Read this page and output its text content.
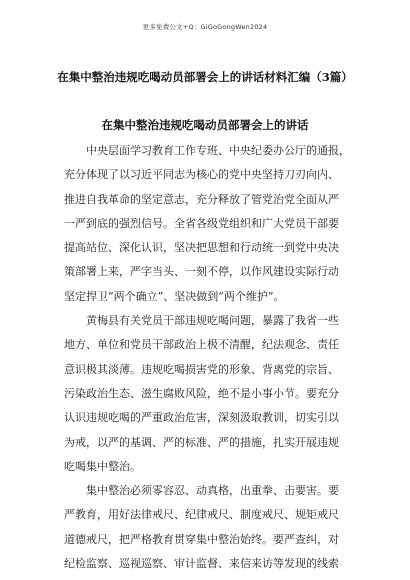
更多免费公文+Q：GiGoGongWen2024
在集中整治违规吃喝动员部署会上的讲话材料汇编（3篇）
在集中整治违规吃喝动员部署会上的讲话
中央层面学习教育工作专班、中央纪委办公厅的通报，
充分体现了以习近平同志为核心的党中央坚持刀刃向内、
推进自我革命的坚定意志，充分释放了管党治党全面从严
一严到底的强烈信号。全省各级党组织和广大党员干部要
提高站位、深化认识，坚决把思想和行动统一到党中央决
策部署上来，严字当头、一刻不停，以作风建设实际行动
坚定捍卫“两个确立”、坚决做到“两个维护”。
黄梅县有关党员干部违规吃喝问题，暴露了我省一些
地方、单位和党员干部政治上极不清醒，纪法观念、责任
意识极其淡薄。违规吃喝损害党的形象、背离党的宗旨、
污染政治生态、滋生腐败风险，绝不是小事小节。要充分
认识违规吃喝的严重政治危害，深刻汲取教训，切实引以
为戒，以严的基调、严的标准、严的措施，扎实开展违规
吃喝集中整治。
集中整治必须零容忍、动真格，出重拳、击要害。要
严教育，用好法律戒尺、纪律戒尺、制度戒尺、规矩戒尺
道德戒尺，把严格教育贯穿集中整治始终。要严查纠，对
纪检监察、巡视巡察、审计监督、来信来访等发现的线索
